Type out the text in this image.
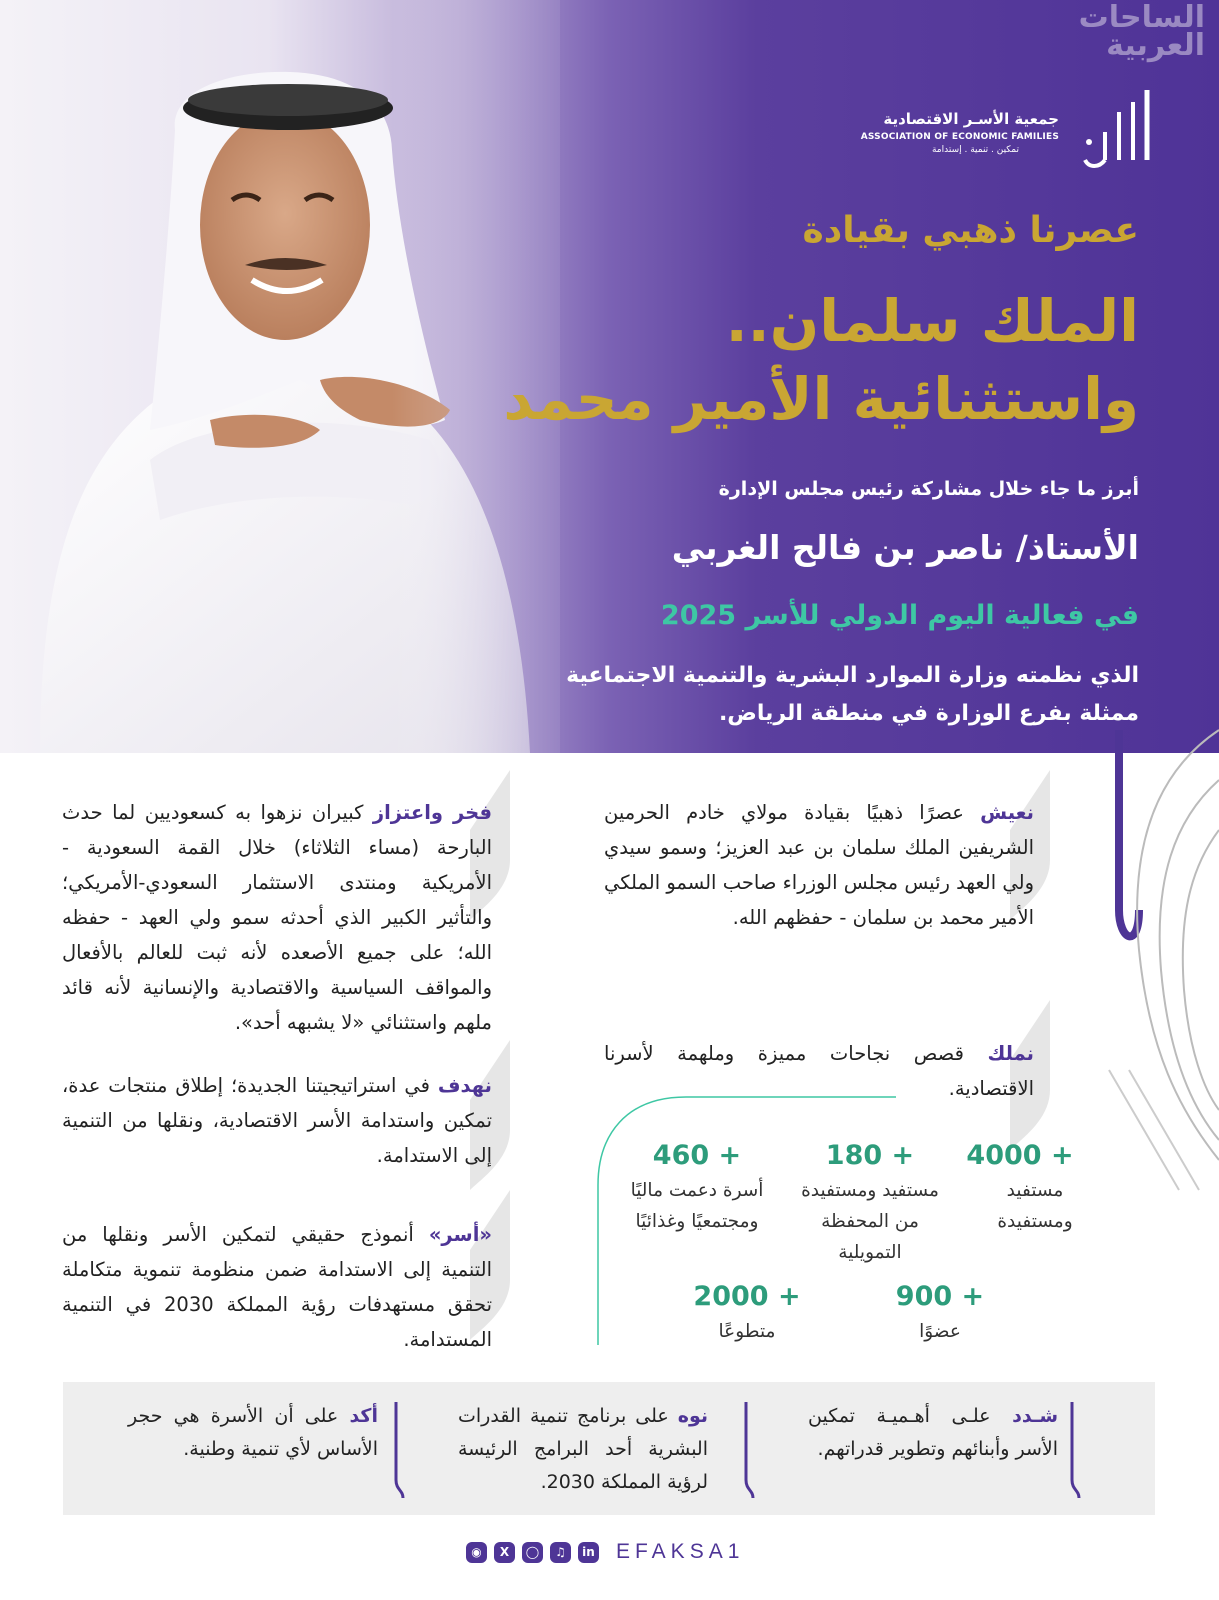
الساحات
العربية
جمعية الأسـر الاقتصادية
ASSOCIATION OF ECONOMIC FAMILIES
تمكين . تنمية . إستدامة
عصرنا ذهبي بقيادة
الملك سلمان..
واستثنائية الأمير محمد
أبرز ما جاء خلال مشاركة رئيس مجلس الإدارة
الأستاذ/ ناصر بن فالح الغربي
في فعالية اليوم الدولي للأسر 2025
الذي نظمته وزارة الموارد البشرية والتنمية الاجتماعية
ممثلة بفرع الوزارة في منطقة الرياض.
نعيش عصرًا ذهبيًا بقيادة مولاي خادم الحرمين الشريفين الملك سلمان بن عبد العزيز؛ وسمو سيدي ولي العهد رئيس مجلس الوزراء صاحب السمو الملكي الأمير محمد بن سلمان - حفظهم الله.
نملك قصص نجاحات مميزة وملهمة لأسرنا الاقتصادية.
4000 +
مستفيد ومستفيدة
180 +
مستفيد ومستفيدة من المحفظة التمويلية
460 +
أسرة دعمت ماليًا ومجتمعيًا وغذائيًا
900 +
عضوًا
2000 +
متطوعًا
فخر واعتزاز كبيران نزهوا به كسعوديين لما حدث البارحة (مساء الثلاثاء) خلال القمة السعودية - الأمريكية ومنتدى الاستثمار السعودي-الأمريكي؛ والتأثير الكبير الذي أحدثه سمو ولي العهد - حفظه الله؛ على جميع الأصعده لأنه ثبت للعالم بالأفعال والمواقف السياسية والاقتصادية والإنسانية لأنه قائد ملهم واستثنائي «لا يشبهه أحد».
نهدف في استراتيجيتنا الجديدة؛ إطلاق منتجات عدة، تمكين واستدامة الأسر الاقتصادية، ونقلها من التنمية إلى الاستدامة.
«أسر» أنموذج حقيقي لتمكين الأسر ونقلها من التنمية إلى الاستدامة ضمن منظومة تنموية متكاملة تحقق مستهدفات رؤية المملكة 2030 في التنمية المستدامة.
شـدد علـى أهـميـة تمكين الأسر وأبنائهم وتطوير قدراتهم.
نوه على برنامج تنمية القدرات البشرية أحد البرامج الرئيسة لرؤية المملكة 2030.
أكد على أن الأسرة هي حجر الأساس لأي تنمية وطنية.
◉	X	◯	♫	in EFAKSA1
